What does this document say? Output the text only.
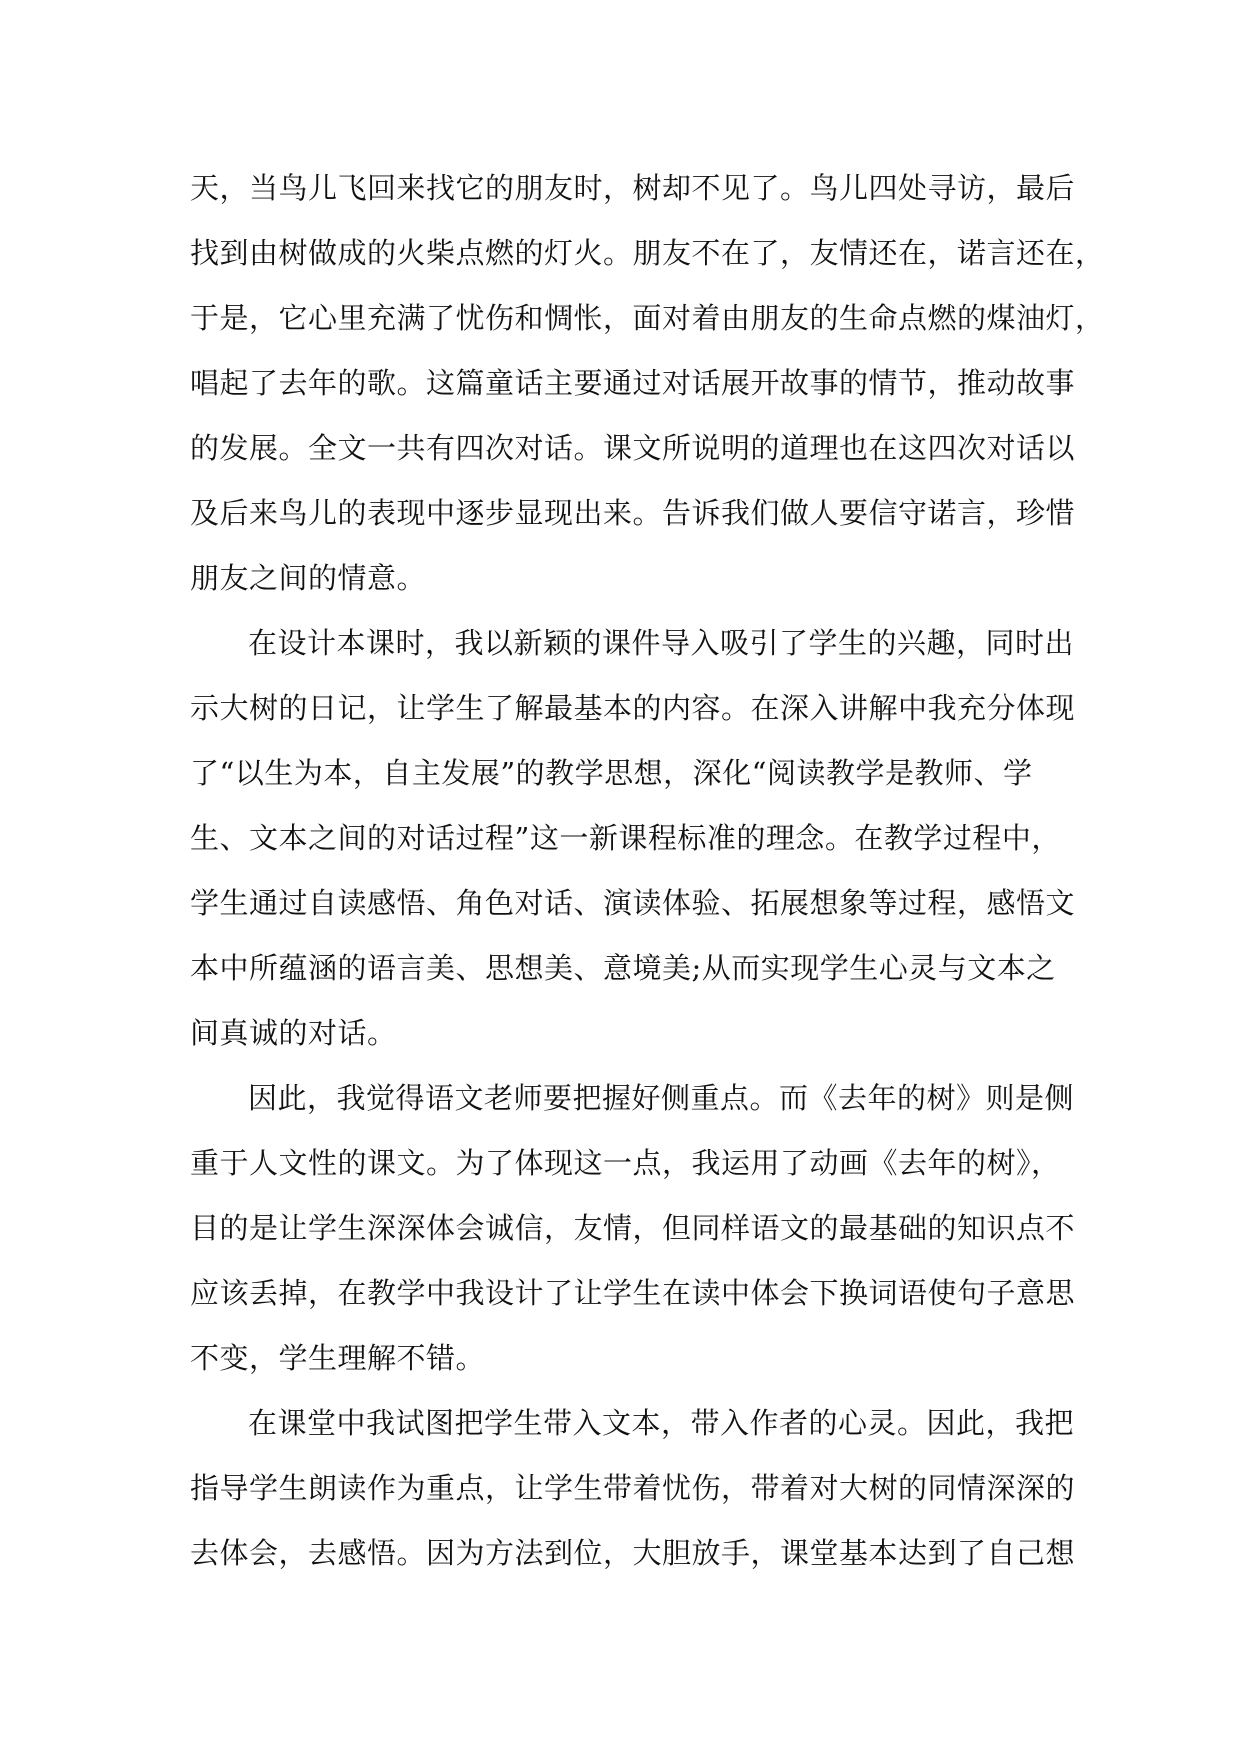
天，当鸟儿飞回来找它的朋友时，树却不见了。鸟儿四处寻访，最后
找到由树做成的火柴点燃的灯火。朋友不在了，友情还在，诺言还在，
于是，它心里充满了忧伤和惆怅，面对着由朋友的生命点燃的煤油灯，
唱起了去年的歌。这篇童话主要通过对话展开故事的情节，推动故事
的发展。全文一共有四次对话。课文所说明的道理也在这四次对话以
及后来鸟儿的表现中逐步显现出来。告诉我们做人要信守诺言，珍惜
朋友之间的情意。
在设计本课时，我以新颖的课件导入吸引了学生的兴趣，同时出
示大树的日记，让学生了解最基本的内容。在深入讲解中我充分体现
了“以生为本，自主发展”的教学思想，深化“阅读教学是教师、学
生、文本之间的对话过程”这一新课程标准的理念。在教学过程中，
学生通过自读感悟、角色对话、演读体验、拓展想象等过程，感悟文
本中所蕴涵的语言美、思想美、意境美;从而实现学生心灵与文本之
间真诚的对话。
因此，我觉得语文老师要把握好侧重点。而《去年的树》则是侧
重于人文性的课文。为了体现这一点，我运用了动画《去年的树》，
目的是让学生深深体会诚信，友情，但同样语文的最基础的知识点不
应该丢掉，在教学中我设计了让学生在读中体会下换词语使句子意思
不变，学生理解不错。
在课堂中我试图把学生带入文本，带入作者的心灵。因此，我把
指导学生朗读作为重点，让学生带着忧伤，带着对大树的同情深深的
去体会，去感悟。因为方法到位，大胆放手，课堂基本达到了自己想
